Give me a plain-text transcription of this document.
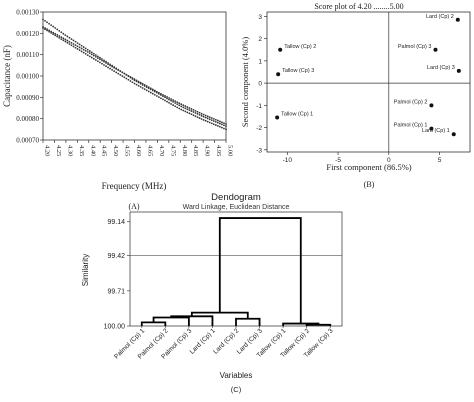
0.00070
0.00080
0.00090
0.00100
0.00110
0.00120
0.00130
4.20 4.25 4.30 4.35 4.40 4.45 4.50 4.55 4.60 4.65 4.70 4.75 4.80 4.85 4.90 4.95 5.00
Frequency (MHz)
Capacitance (nF)
(A)
Score plot of 4.20 ........5.00
-3
-2
-1
0
1
2
3
-10	-5	0	5
Lard (Cp) 2
Palmol (Cp) 3
Lard (Cp) 3
Tallow (Cp) 2
Tallow (Cp) 3
Tallow (Cp) 1
Palmol (Cp) 2
Palmol (Cp) 1
Lard (Cp) 1
First component (86.5%)
Second component (4.0%)
(B)
Dendogram
Ward Linkage, Euclidean Distance
99.14
99.42
99.71
100.00
Palmol (Cp) 1
Palmol (Cp) 2
Palmol (Cp) 3
Lard (Cp) 1
Lard (Cp) 2
Lard (Cp) 3
Tallow (Cp) 1
Tallow (Cp) 2
Tallow (Cp) 3
Variables
Similarity
(C)
